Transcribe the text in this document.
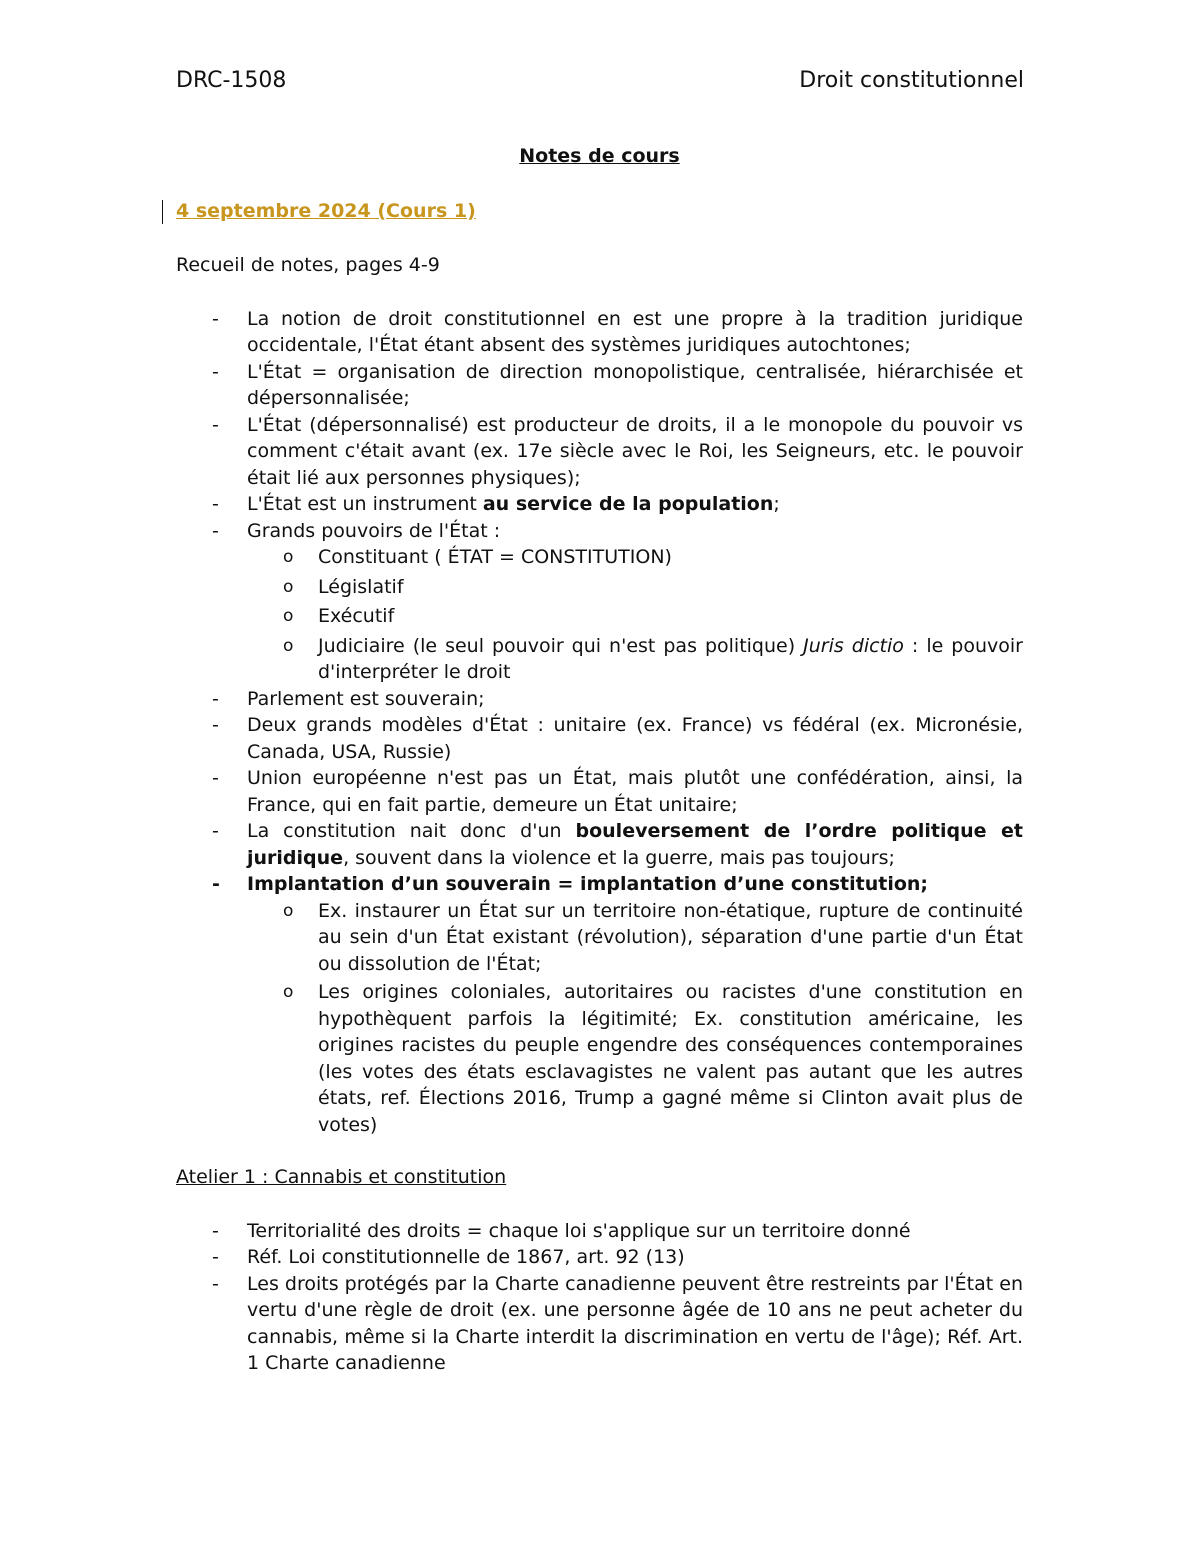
DRC-1508	Droit constitutionnel

Notes de cours

4 septembre 2024 (Cours 1)
Recueil de notes, pages 4-9
- La notion de droit constitutionnel en est une propre à la tradition juridique occidentale, l'État étant absent des systèmes juridiques autochtones;
- L'État = organisation de direction monopolistique, centralisée, hiérarchisée et dépersonnalisée;
- L'État (dépersonnalisé) est producteur de droits, il a le monopole du pouvoir vs comment c'était avant (ex. 17e siècle avec le Roi, les Seigneurs, etc. le pouvoir était lié aux personnes physiques);
- L'État est un instrument au service de la population;
- Grands pouvoirs de l'État :
o Constituant ( ÉTAT = CONSTITUTION)
o Législatif
o Exécutif
o Judiciaire (le seul pouvoir qui n'est pas politique) Juris dictio : le pouvoir d'interpréter le droit
- Parlement est souverain;
- Deux grands modèles d'État : unitaire (ex. France) vs fédéral (ex. Micronésie, Canada, USA, Russie)
- Union européenne n'est pas un État, mais plutôt une confédération, ainsi, la France, qui en fait partie, demeure un État unitaire;
- La constitution nait donc d'un bouleversement de l’ordre politique et juridique, souvent dans la violence et la guerre, mais pas toujours;
- Implantation d’un souverain = implantation d’une constitution;
o Ex. instaurer un État sur un territoire non-étatique, rupture de continuité au sein d'un État existant (révolution), séparation d'une partie d'un État ou dissolution de l'État;
o Les origines coloniales, autoritaires ou racistes d'une constitution en hypothèquent parfois la légitimité; Ex. constitution américaine, les origines racistes du peuple engendre des conséquences contemporaines (les votes des états esclavagistes ne valent pas autant que les autres états, ref. Élections 2016, Trump a gagné même si Clinton avait plus de votes)
Atelier 1 : Cannabis et constitution
- Territorialité des droits = chaque loi s'applique sur un territoire donné
- Réf. Loi constitutionnelle de 1867, art. 92 (13)
- Les droits protégés par la Charte canadienne peuvent être restreints par l'État en vertu d'une règle de droit (ex. une personne âgée de 10 ans ne peut acheter du cannabis, même si la Charte interdit la discrimination en vertu de l'âge); Réf. Art. 1 Charte canadienne
